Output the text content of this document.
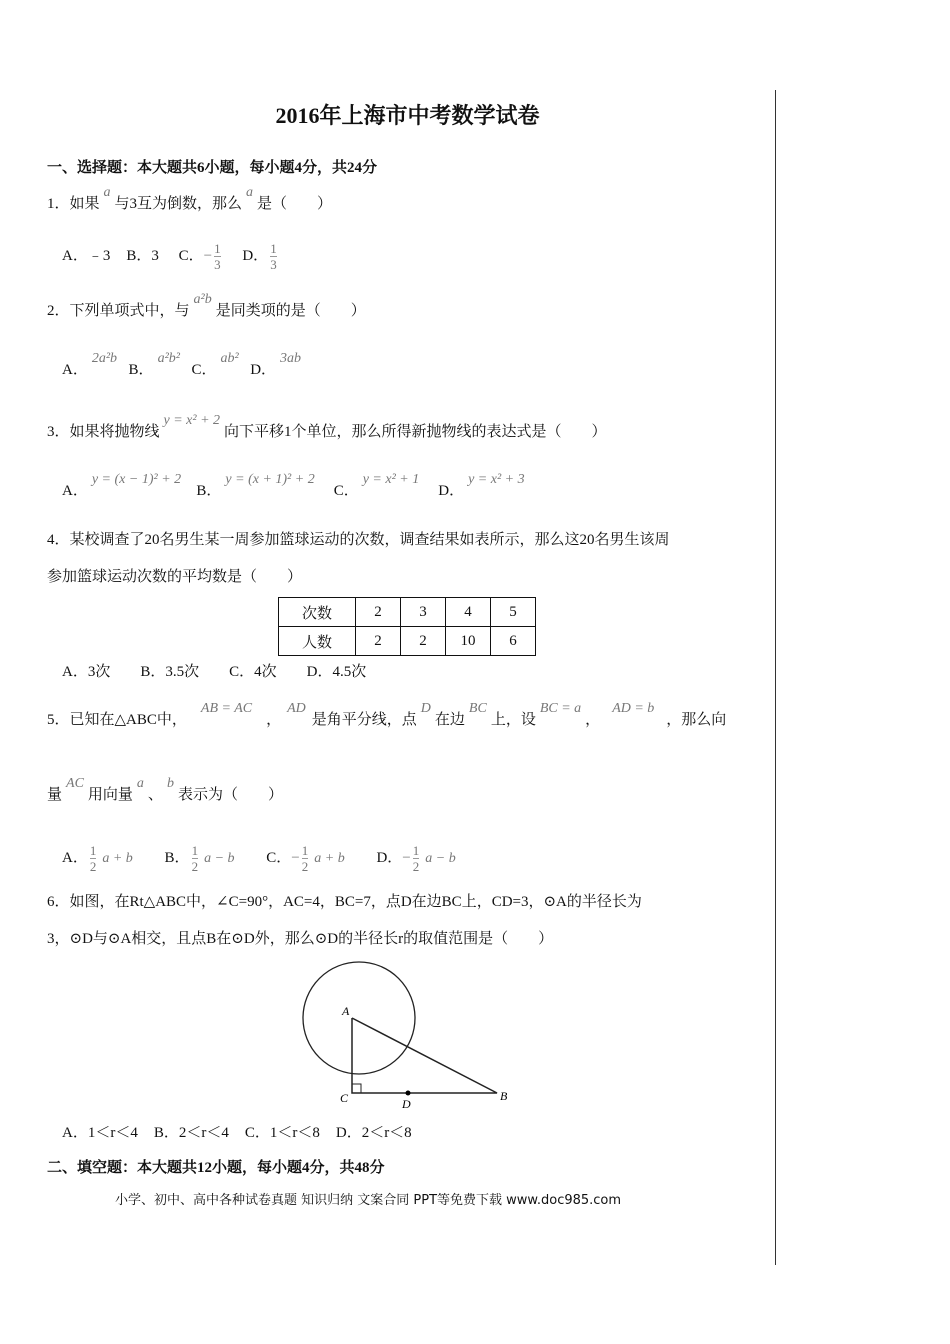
2016年上海市中考数学试卷
一、选择题：本大题共6小题，每小题4分，共24分
1．如果a与3互为倒数，那么a是（　　）
A．﹣3 B．3 C．− $\frac{1}{3}$ D． $\frac{1}{3}$
2．下列单项式中，与a²b是同类项的是（　　）
A．2a²b  B．a²b²  C．ab²  D．3ab
3．如果将抛物线y = x² + 2向下平移1个单位，那么所得新抛物线的表达式是（　　）
A．y = (x − 1)² + 2   B．y = (x + 1)² + 2    C．y = x² + 1    D．y = x² + 3
4．某校调查了20名男生某一周参加篮球运动的次数，调查结果如表所示，那么这20名男生该周
参加篮球运动次数的平均数是（　　）
次数	2	3	4	5
人数	2	2	10	6
A．3次 B．3.5次 C．4次 D．4.5次
5．已知在△ABC中，AB = AC，AD是角平分线，点D在边BC上，设BC = a，AD = b，那么向
量AC用向量a、b表示为（　　）
A． $\frac{1}{2}$ a + b B． $\frac{1}{2}$ a − b C．− $\frac{1}{2}$ a + b D．− $\frac{1}{2}$ a − b
6．如图，在Rt△ABC中，∠C=90°，AC=4，BC=7，点D在边BC上，CD=3，⊙A的半径长为
3，⊙D与⊙A相交，且点B在⊙D外，那么⊙D的半径长r的取值范围是（　　）
A
C	D
B
A．1＜r＜4 B．2＜r＜4 C．1＜r＜8 D．2＜r＜8
二、填空题：本大题共12小题，每小题4分，共48分
小学、初中、高中各种试卷真题 知识归纳 文案合同 PPT等免费下载 www.doc985.com
